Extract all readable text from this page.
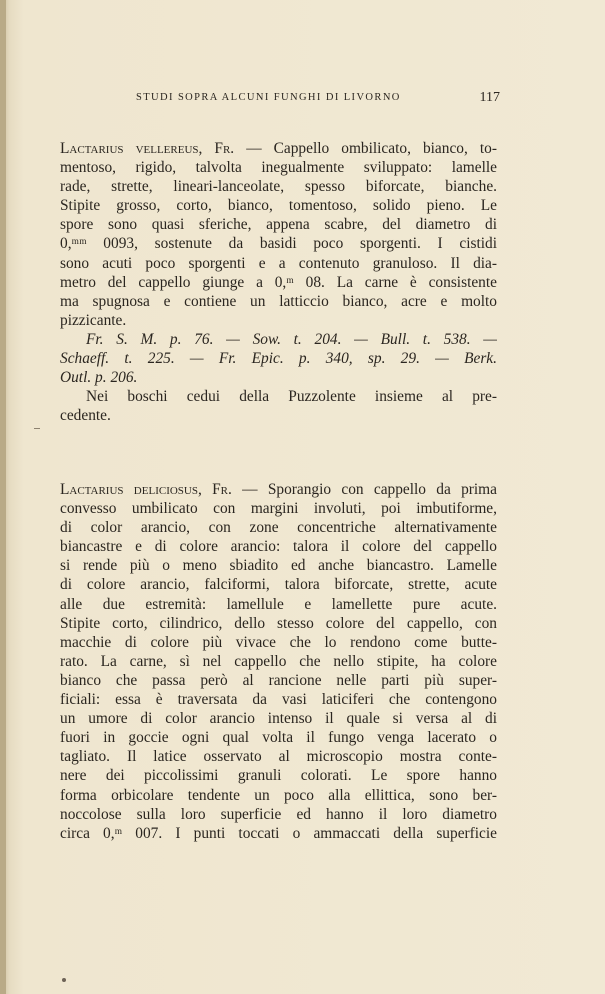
STUDI SOPRA ALCUNI FUNGHI DI LIVORNO	117
Lactarius vellereus, Fr. — Cappello ombilicato, bianco, to-
mentoso, rigido, talvolta inegualmente sviluppato: lamelle
rade, strette, lineari-lanceolate, spesso biforcate, bianche.
Stipite grosso, corto, bianco, tomentoso, solido pieno. Le
spore sono quasi sferiche, appena scabre, del diametro di
0,ᵐᵐ 0093, sostenute da basidi poco sporgenti. I cistidi
sono acuti poco sporgenti e a contenuto granuloso. Il dia-
metro del cappello giunge a 0,ᵐ 08. La carne è consistente
ma spugnosa e contiene un latticcio bianco, acre e molto
pizzicante.
Fr. S. M. p. 76. — Sow. t. 204. — Bull. t. 538. —
Schaeff. t. 225. — Fr. Epic. p. 340, sp. 29. — Berk.
Outl. p. 206.
Nei boschi cedui della Puzzolente insieme al pre-
cedente.
Lactarius deliciosus, Fr. — Sporangio con cappello da prima
convesso umbilicato con margini involuti, poi imbutiforme,
di color arancio, con zone concentriche alternativamente
biancastre e di colore arancio: talora il colore del cappello
si rende più o meno sbiadito ed anche biancastro. Lamelle
di colore arancio, falciformi, talora biforcate, strette, acute
alle due estremità: lamellule e lamellette pure acute.
Stipite corto, cilindrico, dello stesso colore del cappello, con
macchie di colore più vivace che lo rendono come butte-
rato. La carne, sì nel cappello che nello stipite, ha colore
bianco che passa però al rancione nelle parti più super-
ficiali: essa è traversata da vasi laticiferi che contengono
un umore di color arancio intenso il quale si versa al di
fuori in goccie ogni qual volta il fungo venga lacerato o
tagliato. Il latice osservato al microscopio mostra conte-
nere dei piccolissimi granuli colorati. Le spore hanno
forma orbicolare tendente un poco alla ellittica, sono ber-
noccolose sulla loro superficie ed hanno il loro diametro
circa 0,ᵐ 007. I punti toccati o ammaccati della superficie
